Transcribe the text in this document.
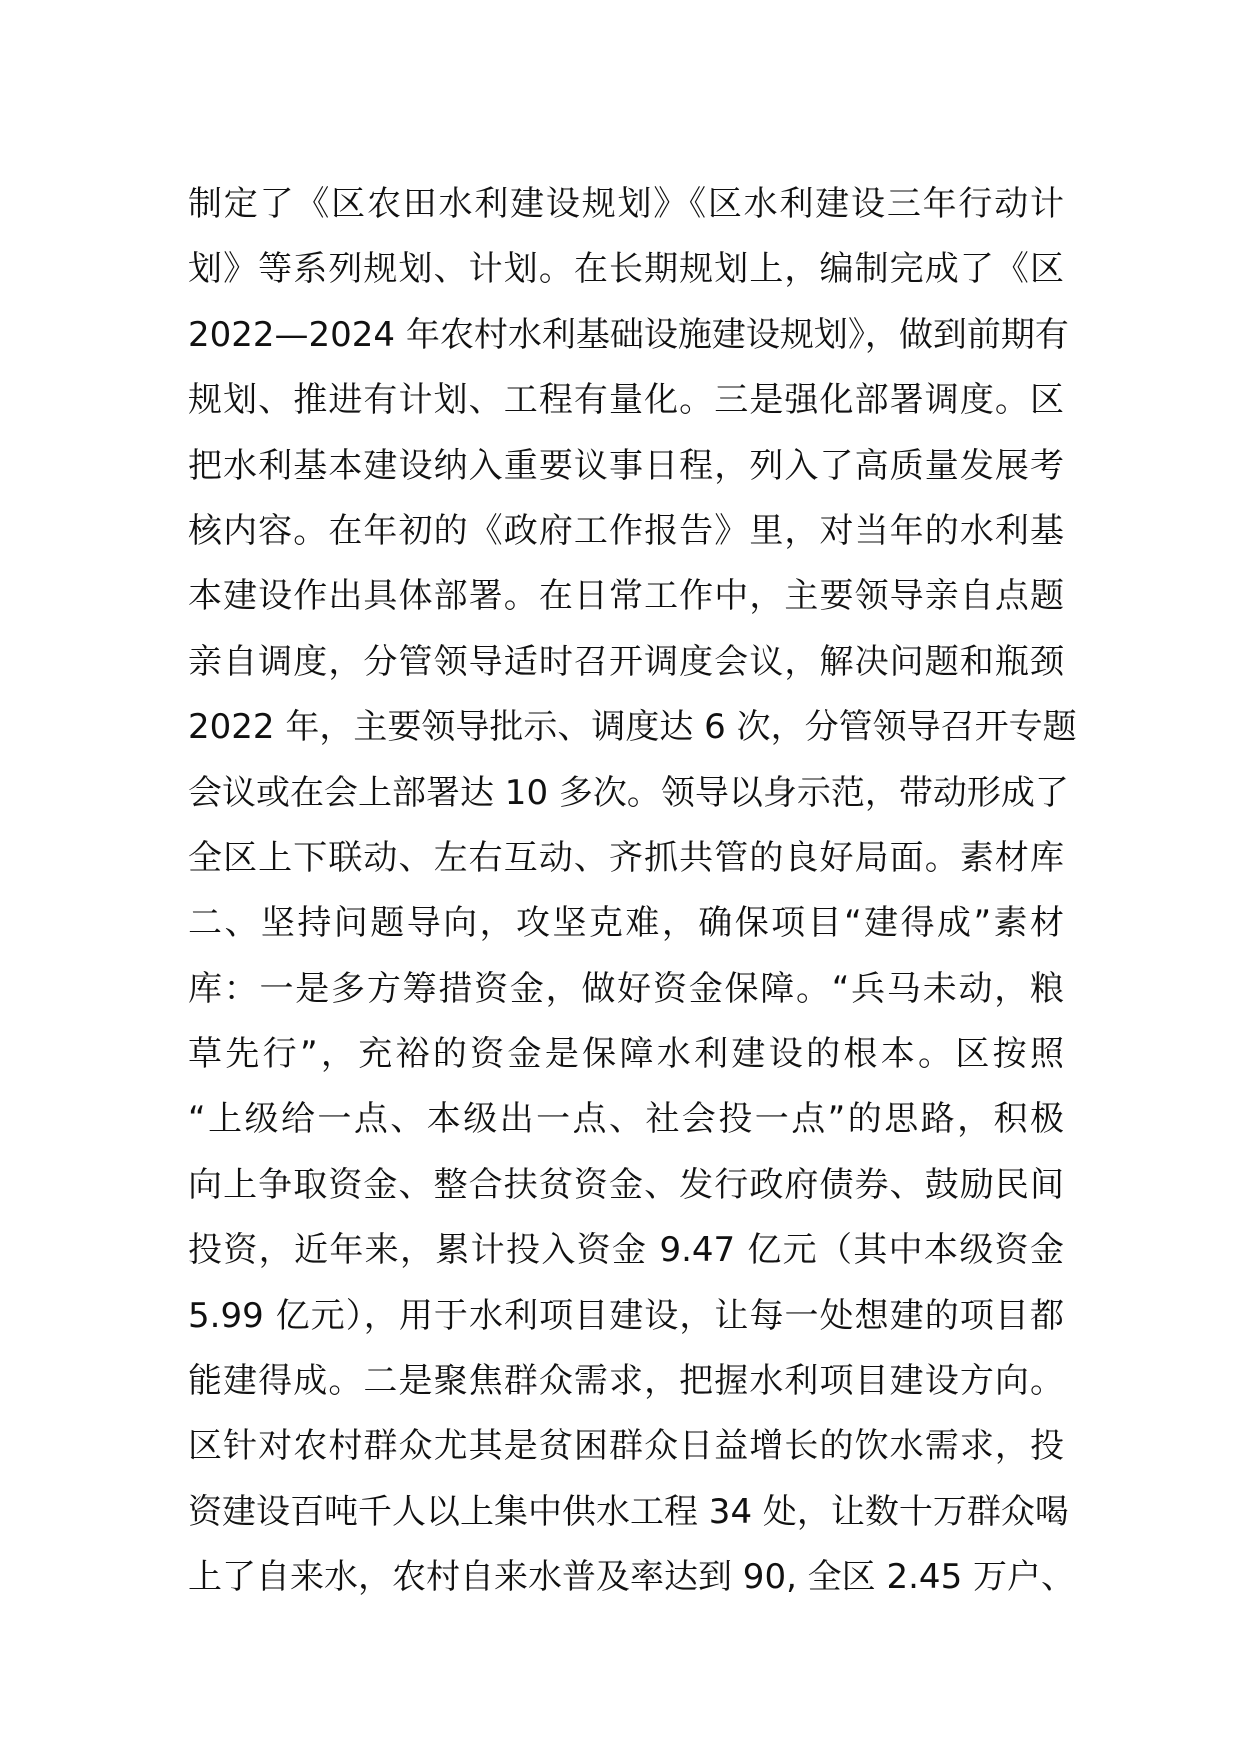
制定了《区农田水利建设规划》《区水利建设三年行动计
划》等系列规划、计划。在长期规划上，编制完成了《区
2022—2024 年农村水利基础设施建设规划》，做到前期有
规划、推进有计划、工程有量化。三是强化部署调度。区
把水利基本建设纳入重要议事日程，列入了高质量发展考
核内容。在年初的《政府工作报告》里，对当年的水利基
本建设作出具体部署。在日常工作中，主要领导亲自点题
亲自调度，分管领导适时召开调度会议，解决问题和瓶颈
2022 年，主要领导批示、调度达 6 次，分管领导召开专题
会议或在会上部署达 10 多次。领导以身示范，带动形成了
全区上下联动、左右互动、齐抓共管的良好局面。素材库
二、坚持问题导向，攻坚克难，确保项目“建得成”素材
库：一是多方筹措资金，做好资金保障。“兵马未动，粮
草先行”，充裕的资金是保障水利建设的根本。区按照
“上级给一点、本级出一点、社会投一点”的思路，积极
向上争取资金、整合扶贫资金、发行政府债券、鼓励民间
投资，近年来，累计投入资金 9.47 亿元（其中本级资金
5.99 亿元），用于水利项目建设，让每一处想建的项目都
能建得成。二是聚焦群众需求，把握水利项目建设方向。
区针对农村群众尤其是贫困群众日益增长的饮水需求，投
资建设百吨千人以上集中供水工程 34 处，让数十万群众喝
上了自来水，农村自来水普及率达到 90, 全区 2.45 万户、
